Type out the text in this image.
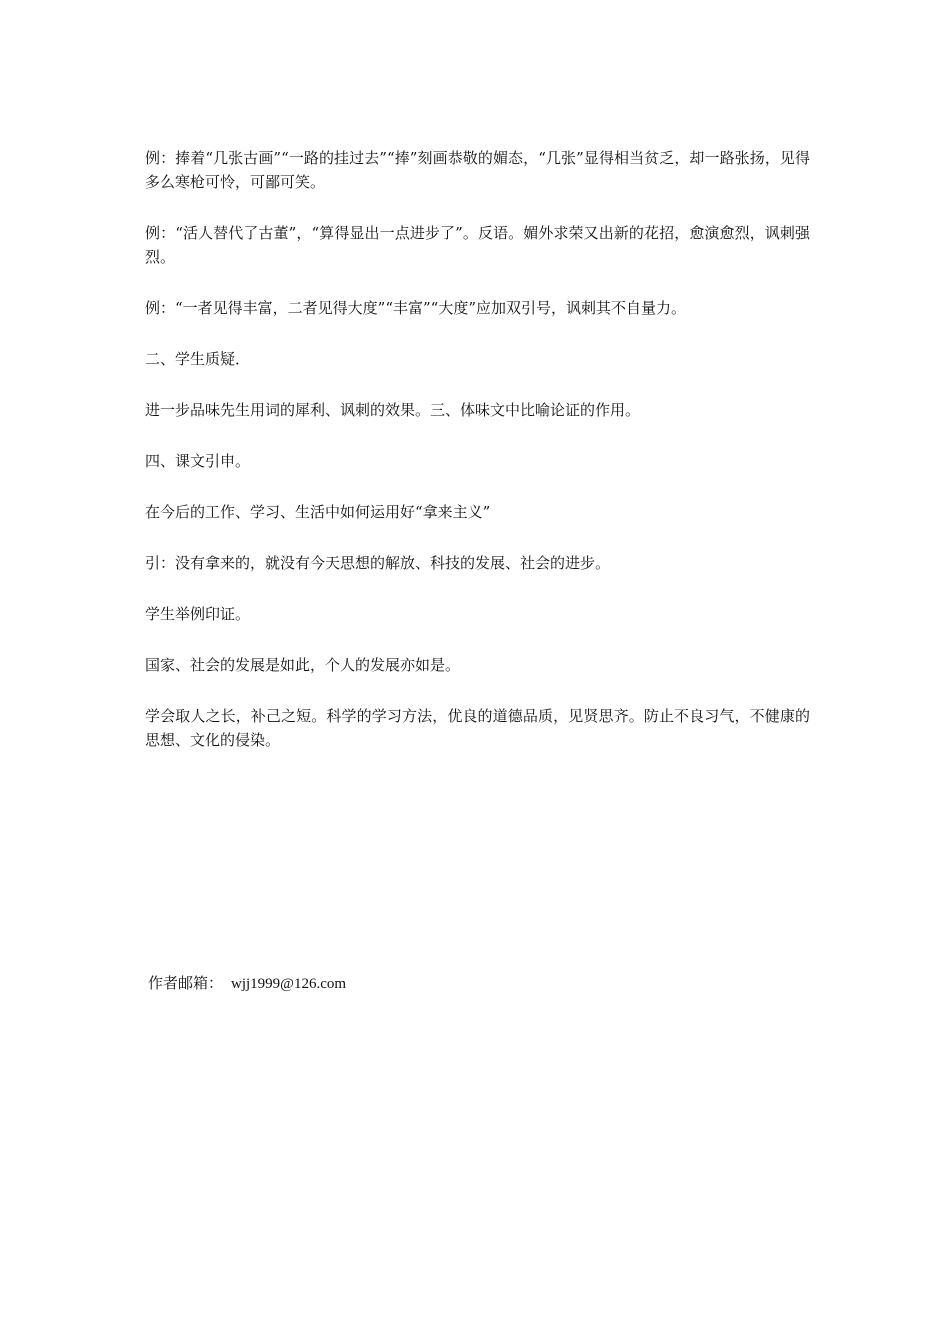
例：捧着“几张古画”“一路的挂过去”“捧”刻画恭敬的媚态，“几张”显得相当贫乏，却一路张扬，见得多么寒枪可怜，可鄙可笑。

例：“活人替代了古董”，“算得显出一点进步了”。反语。媚外求荣又出新的花招，愈演愈烈，讽刺强烈。

例：“一者见得丰富，二者见得大度”“丰富”“大度”应加双引号，讽刺其不自量力。

二、学生质疑．

进一步品味先生用词的犀利、讽刺的效果。三、体味文中比喻论证的作用。

四、课文引申。

在今后的工作、学习、生活中如何运用好“拿来主义”

引：没有拿来的，就没有今天思想的解放、科技的发展、社会的进步。

学生举例印证。

国家、社会的发展是如此，个人的发展亦如是。

学会取人之长，补己之短。科学的学习方法，优良的道德品质，见贤思齐。防止不良习气，不健康的思想、文化的侵染。

作者邮箱： wjj1999@126.com
